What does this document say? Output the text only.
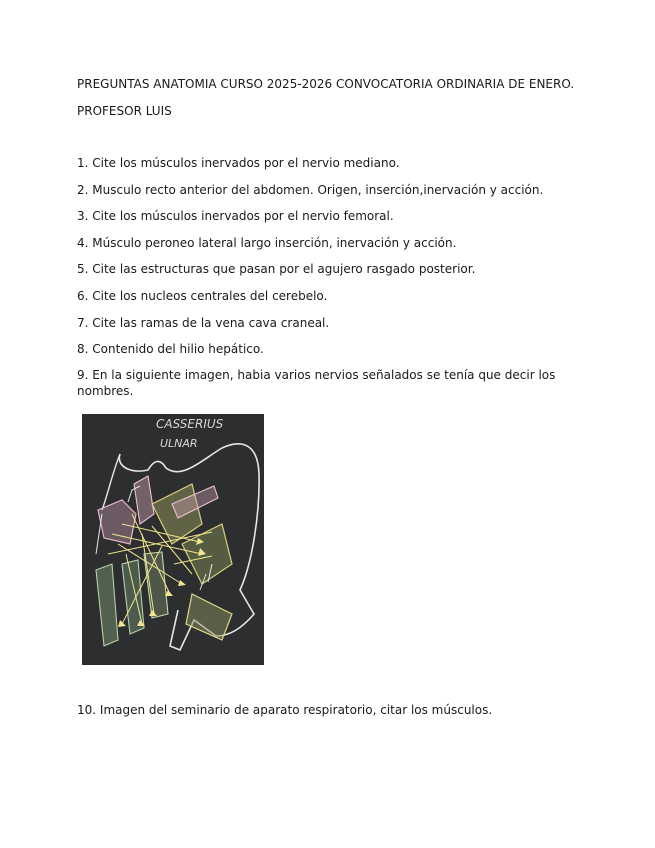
PREGUNTAS ANATOMIA CURSO 2025-2026 CONVOCATORIA ORDINARIA DE ENERO.
PROFESOR LUIS
1. Cite los músculos inervados por el nervio mediano.
2. Musculo recto anterior del abdomen. Origen, inserción,inervación y acción.
3. Cite los músculos inervados por el nervio femoral.
4. Músculo peroneo lateral largo inserción, inervación y acción.
5. Cite las estructuras que pasan por el agujero rasgado posterior.
6. Cite los nucleos centrales del cerebelo.
7. Cite las ramas de la vena cava craneal.
8. Contenido del hilio hepático.
9. En la siguiente imagen, habia varios nervios señalados se tenía que decir los nombres.
CASSERIUS
ULNAR
10. Imagen del seminario de aparato respiratorio, citar los músculos.
